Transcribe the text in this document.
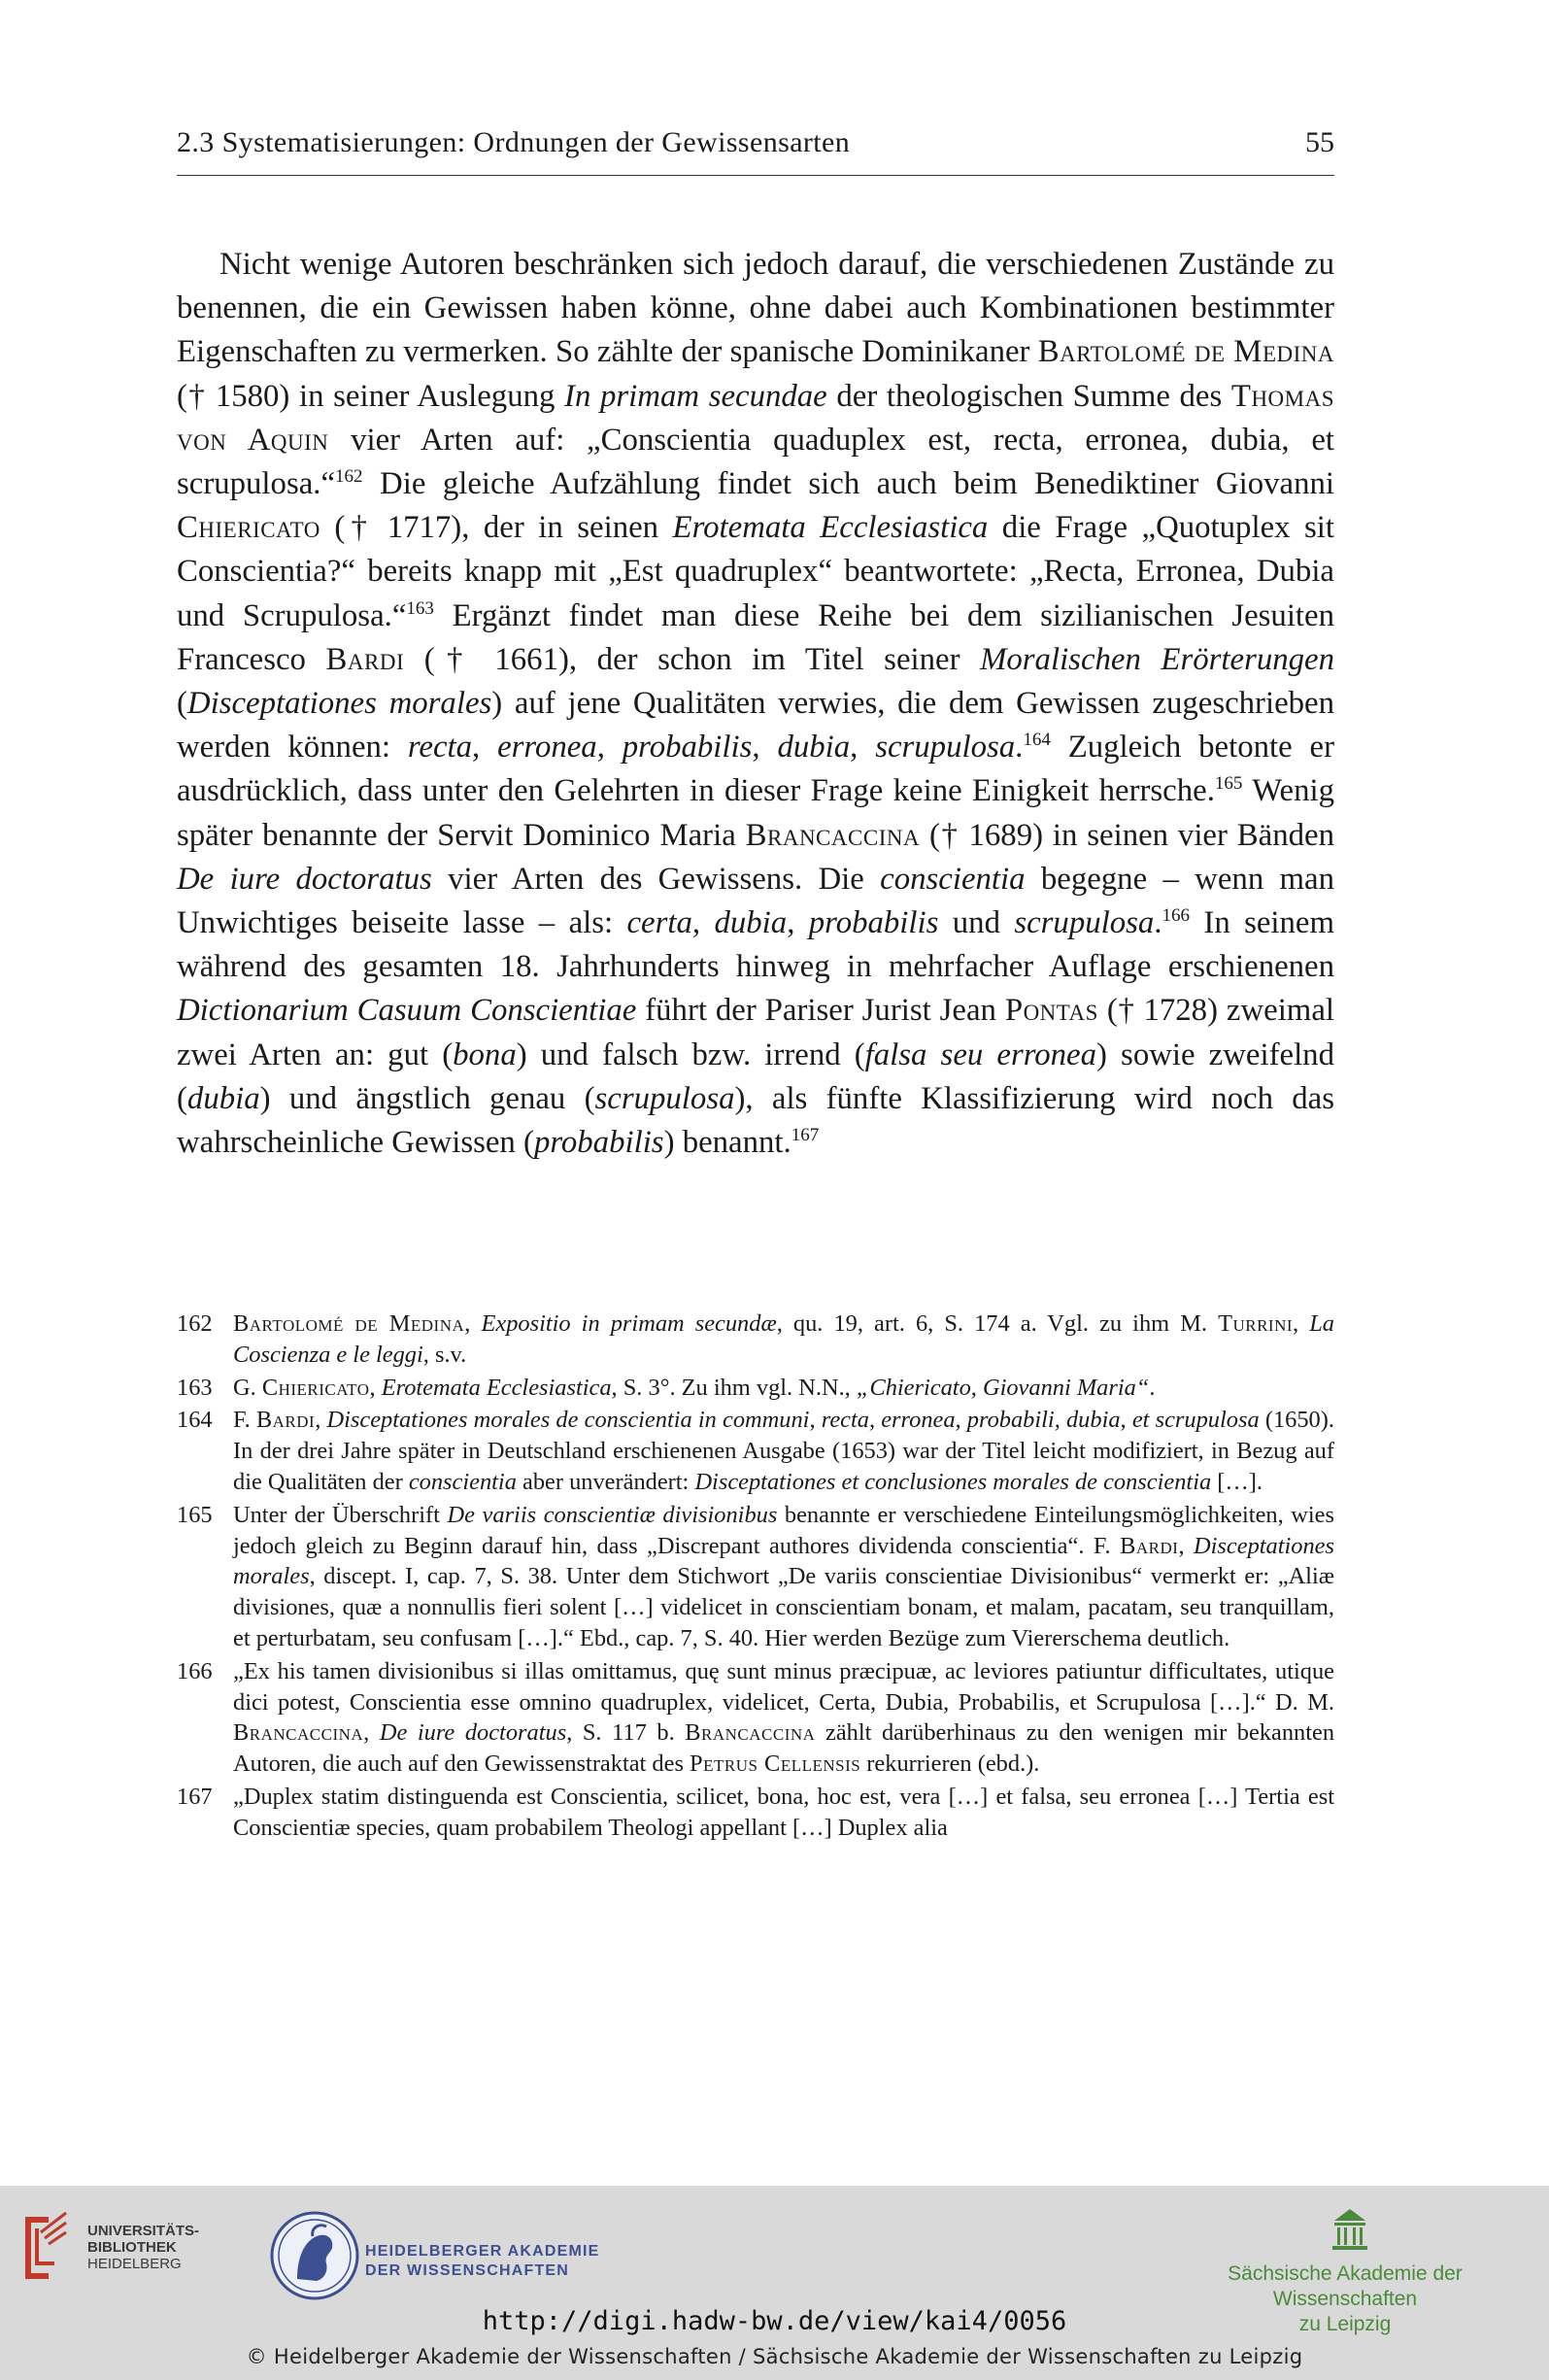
2.3 Systematisierungen: Ordnungen der Gewissensarten	55

Nicht wenige Autoren beschränken sich jedoch darauf, die verschiedenen Zustände zu benennen, die ein Gewissen haben könne, ohne dabei auch Kombinationen bestimmter Eigenschaften zu vermerken. So zählte der spanische Dominikaner Bartolomé de Medina († 1580) in seiner Auslegung In primam secundae der theologischen Summe des Thomas von Aquin vier Arten auf: „Conscientia quaduplex est, recta, erronea, dubia, et scrupulosa.“$^{162}$ Die gleiche Aufzählung findet sich auch beim Benediktiner Giovanni Chiericato († 1717), der in seinen Erotemata Ecclesiastica die Frage „Quotuplex sit Conscientia?“ bereits knapp mit „Est quadruplex“ beantwortete: „Recta, Erronea, Dubia und Scrupulosa.“$^{163}$ Ergänzt findet man diese Reihe bei dem sizilianischen Jesuiten Francesco Bardi († 1661), der schon im Titel seiner Moralischen Erörterungen (Disceptationes morales) auf jene Qualitäten verwies, die dem Gewissen zugeschrieben werden können: recta, erronea, probabilis, dubia, scrupulosa.$^{164}$ Zugleich betonte er ausdrücklich, dass unter den Gelehrten in dieser Frage keine Einigkeit herrsche.$^{165}$ Wenig später benannte der Servit Dominico Maria Brancaccina († 1689) in seinen vier Bänden De iure doctoratus vier Arten des Gewissens. Die conscientia begegne – wenn man Unwichtiges beiseite lasse – als: certa, dubia, probabilis und scrupulosa.$^{166}$ In seinem während des gesamten 18. Jahrhunderts hinweg in mehrfacher Auflage erschienenen Dictionarium Casuum Conscientiae führt der Pariser Jurist Jean Pontas († 1728) zweimal zwei Arten an: gut (bona) und falsch bzw. irrend (falsa seu erronea) sowie zweifelnd (dubia) und ängstlich genau (scrupulosa), als fünfte Klassifizierung wird noch das wahrscheinliche Gewissen (probabilis) benannt.$^{167}$

162 Bartolomé de Medina, Expositio in primam secundæ, qu. 19, art. 6, S. 174 a. Vgl. zu ihm M. Turrini, La Coscienza e le leggi, s.v.
163 G. Chiericato, Erotemata Ecclesiastica, S. 3°. Zu ihm vgl. N.N., „Chiericato, Giovanni Maria“.
164 F. Bardi, Disceptationes morales de conscientia in communi, recta, erronea, probabili, dubia, et scrupulosa (1650). In der drei Jahre später in Deutschland erschienenen Ausgabe (1653) war der Titel leicht modifiziert, in Bezug auf die Qualitäten der conscientia aber unverändert: Disceptationes et conclusiones morales de conscientia […].
165 Unter der Überschrift De variis conscientiæ divisionibus benannte er verschiedene Einteilungsmöglichkeiten, wies jedoch gleich zu Beginn darauf hin, dass „Discrepant authores dividenda conscientia“. F. Bardi, Disceptationes morales, discept. I, cap. 7, S. 38. Unter dem Stichwort „De variis conscientiae Divisionibus“ vermerkt er: „Aliæ divisiones, quæ a nonnullis fieri solent […] videlicet in conscientiam bonam, et malam, pacatam, seu tranquillam, et perturbatam, seu confusam […].“ Ebd., cap. 7, S. 40. Hier werden Bezüge zum Viererschema deutlich.
166 „Ex his tamen divisionibus si illas omittamus, quę sunt minus præcipuæ, ac leviores patiuntur difficultates, utique dici potest, Conscientia esse omnino quadruplex, videlicet, Certa, Dubia, Probabilis, et Scrupulosa […].“ D. M. Brancaccina, De iure doctoratus, S. 117 b. Brancaccina zählt darüberhinaus zu den wenigen mir bekannten Autoren, die auch auf den Gewissenstraktat des Petrus Cellensis rekurrieren (ebd.).
167 „Duplex statim distinguenda est Conscientia, scilicet, bona, hoc est, vera […] et falsa, seu erronea […] Tertia est Conscientiæ species, quam probabilem Theologi appellant […] Duplex alia
UNIVERSITÄTS-
BIBLIOTHEK
HEIDELBERG
HEIDELBERGER AKADEMIE
DER WISSENSCHAFTEN	Sächsische Akademie der Wissenschaften
zu Leipzig
http://digi.hadw-bw.de/view/kai4/0056
© Heidelberger Akademie der Wissenschaften / Sächsische Akademie der Wissenschaften zu Leipzig
